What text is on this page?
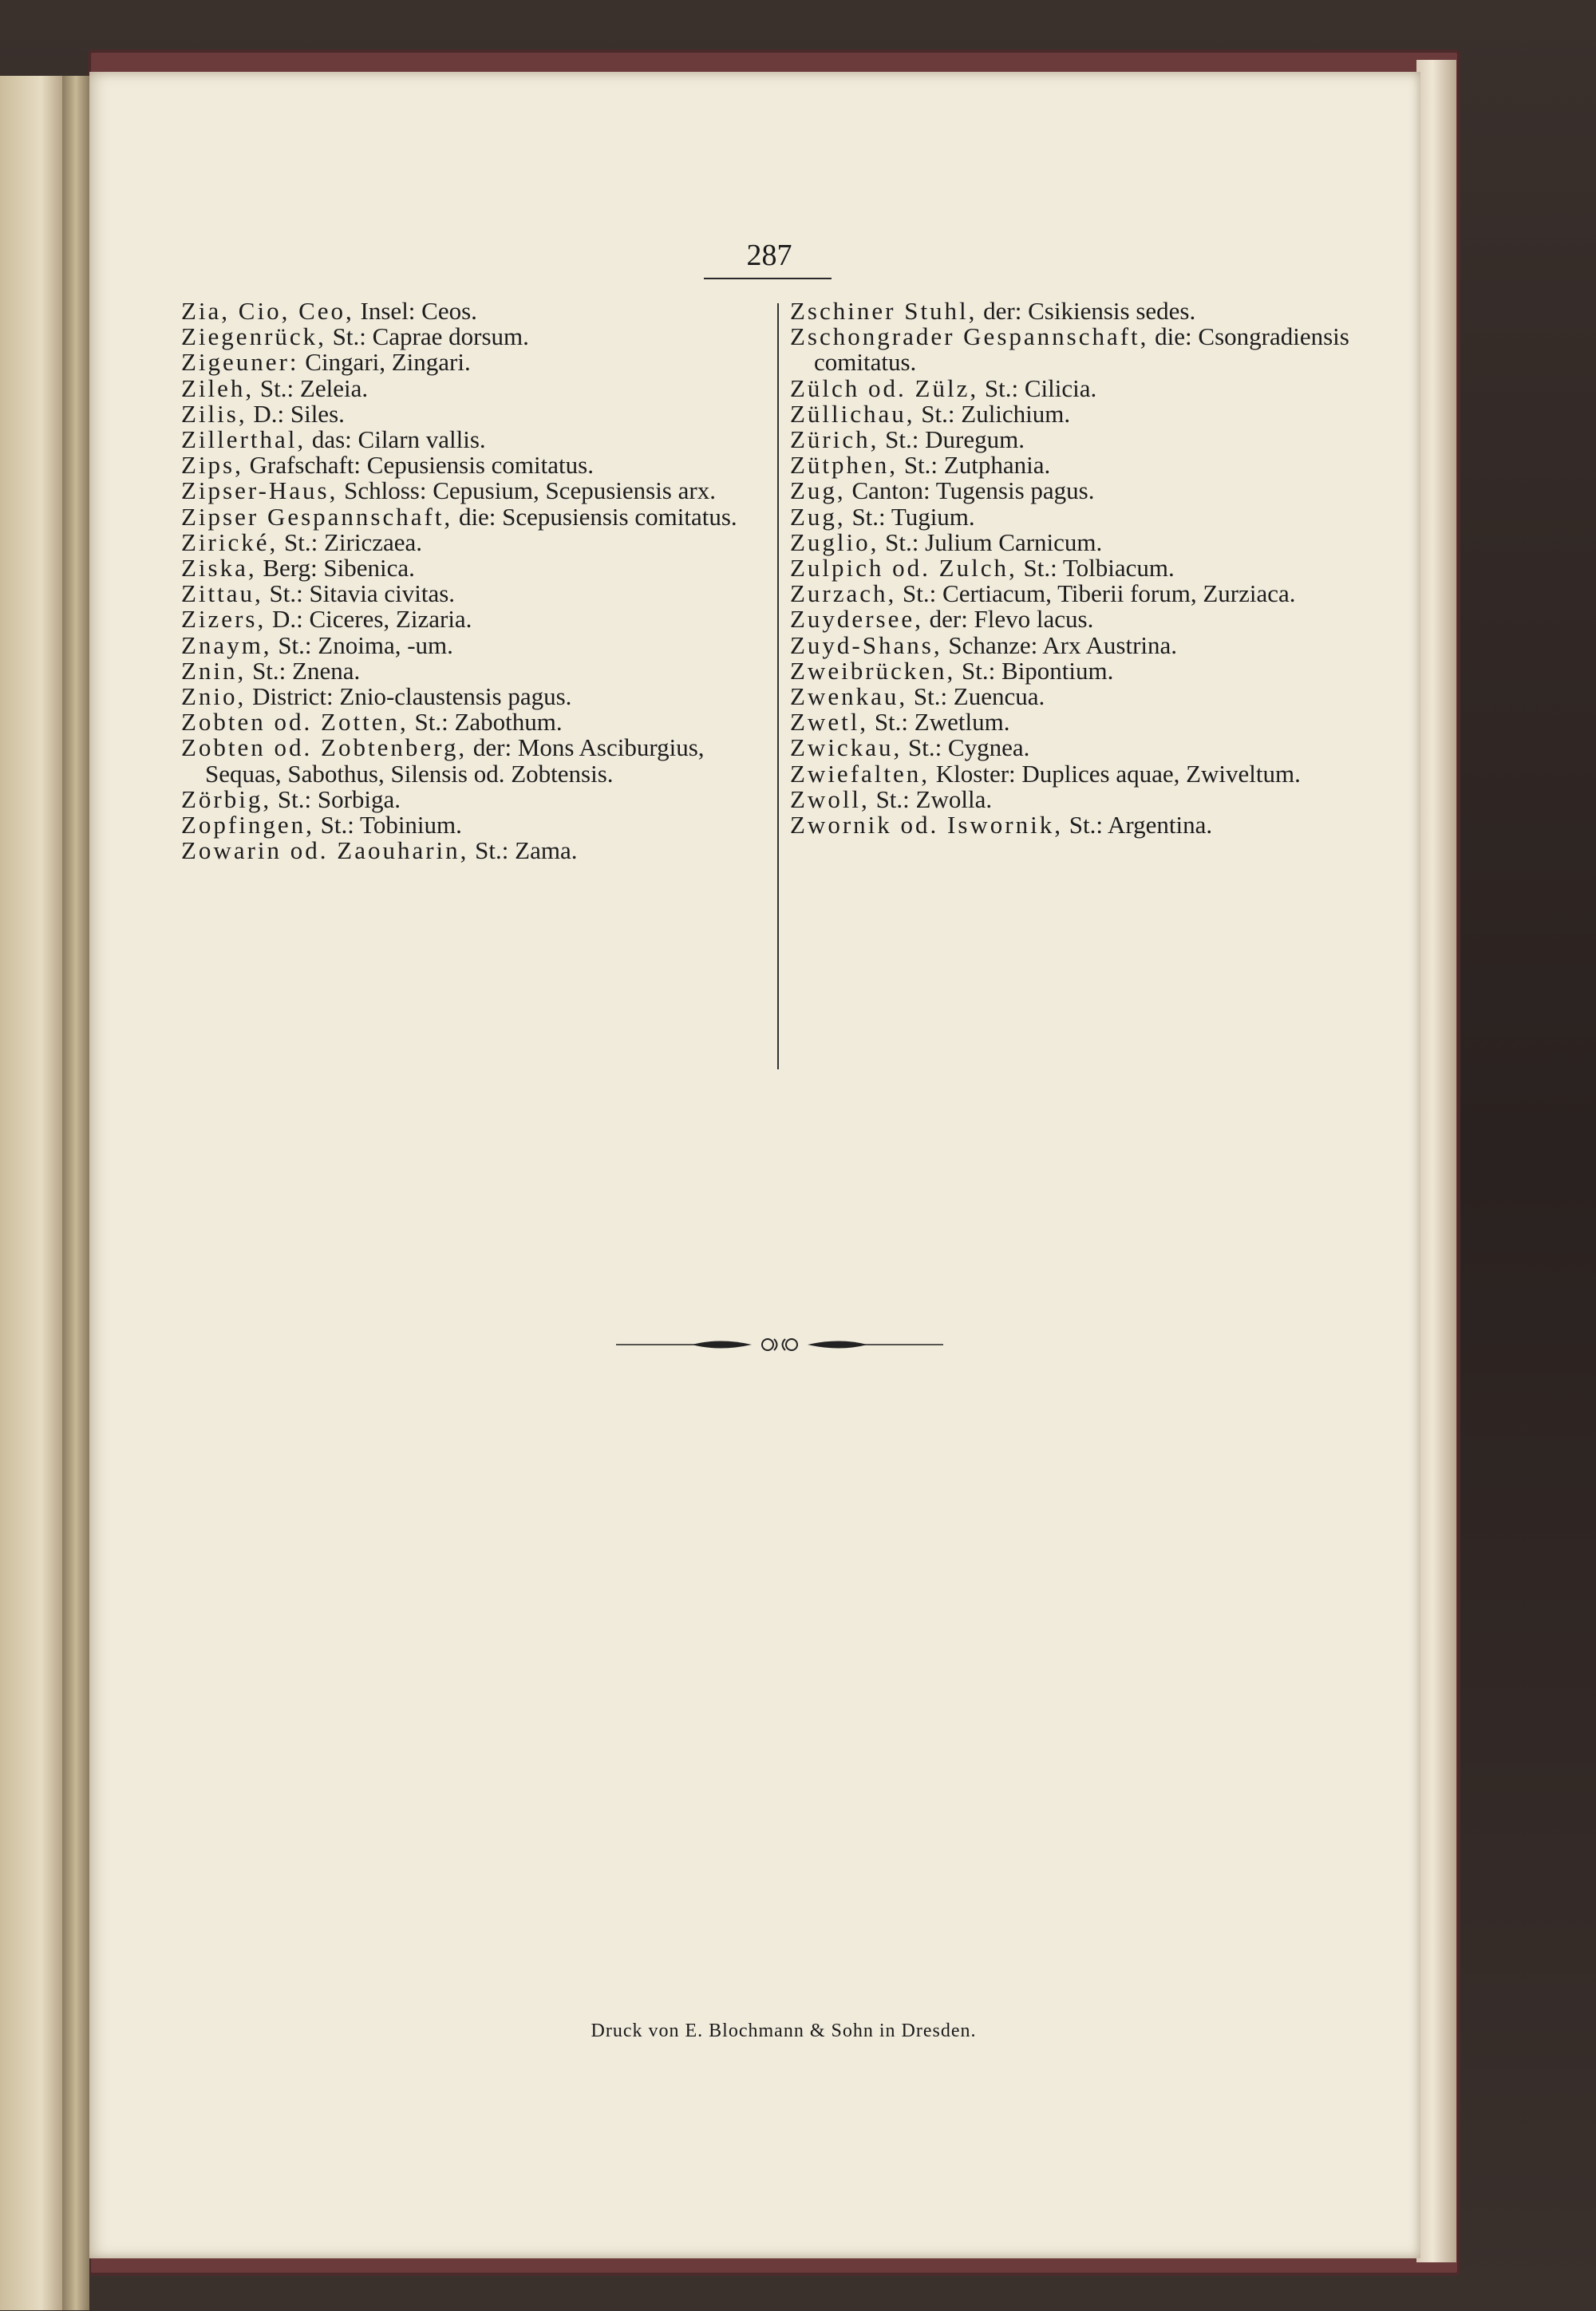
287

Zia, Cio, Ceo, Insel: Ceos.

Ziegenrück, St.: Caprae dorsum.

Zigeuner: Cingari, Zingari.

Zileh, St.: Zeleia.

Zilis, D.: Siles.

Zillerthal, das: Cilarn vallis.

Zips, Grafschaft: Cepusiensis comitatus.

Zipser-Haus, Schloss: Cepusium, Scepusiensis arx.

Zipser Gespannschaft, die: Scepusiensis comitatus.

Zirické, St.: Ziriczaea.

Ziska, Berg: Sibenica.

Zittau, St.: Sitavia civitas.

Zizers, D.: Ciceres, Zizaria.

Znaym, St.: Znoima, -um.

Znin, St.: Znena.

Znio, District: Znio-claustensis pagus.

Zobten od. Zotten, St.: Zabothum.

Zobten od. Zobtenberg, der: Mons Asciburgius, Sequas, Sabothus, Silensis od. Zobtensis.

Zörbig, St.: Sorbiga.

Zopfingen, St.: Tobinium.

Zowarin od. Zaouharin, St.: Zama.

Zschiner Stuhl, der: Csikiensis sedes.

Zschongrader Gespannschaft, die: Csongradiensis comitatus.

Zülch od. Zülz, St.: Cilicia.

Züllichau, St.: Zulichium.

Zürich, St.: Duregum.

Zütphen, St.: Zutphania.

Zug, Canton: Tugensis pagus.

Zug, St.: Tugium.

Zuglio, St.: Julium Carnicum.

Zulpich od. Zulch, St.: Tolbiacum.

Zurzach, St.: Certiacum, Tiberii forum, Zurziaca.

Zuydersee, der: Flevo lacus.

Zuyd-Shans, Schanze: Arx Austrina.

Zweibrücken, St.: Bipontium.

Zwenkau, St.: Zuencua.

Zwetl, St.: Zwetlum.

Zwickau, St.: Cygnea.

Zwiefalten, Kloster: Duplices aquae, Zwiveltum.

Zwoll, St.: Zwolla.

Zwornik od. Iswornik, St.: Argentina.

Druck von E. Blochmann & Sohn in Dresden.
